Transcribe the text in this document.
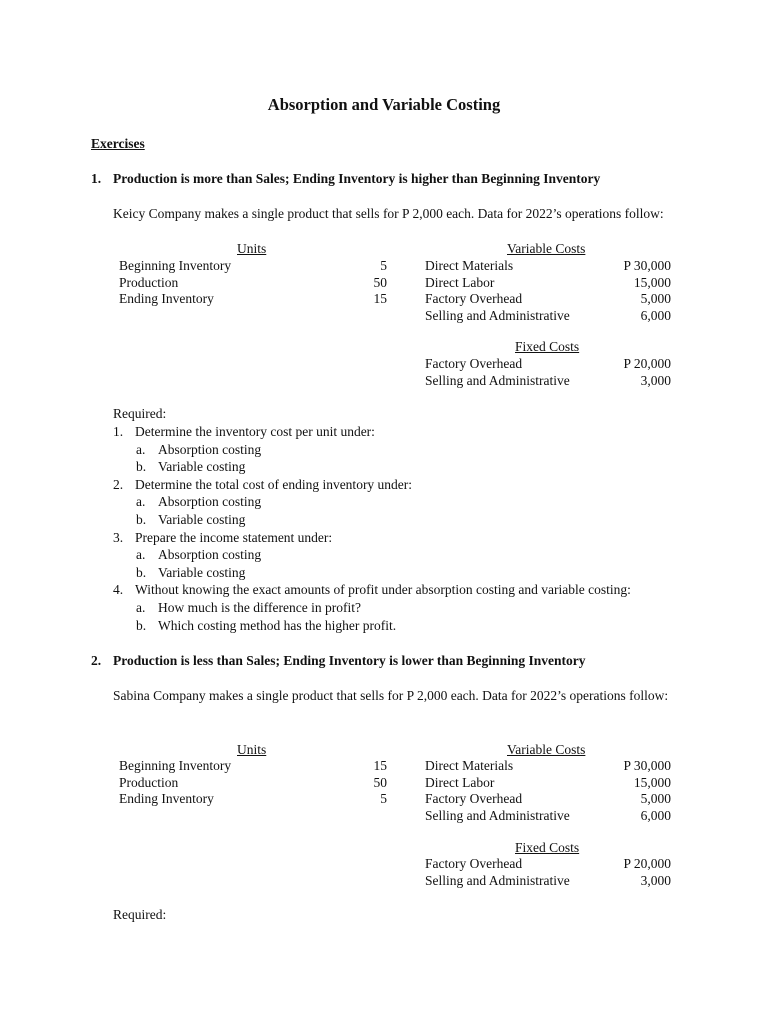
Absorption and Variable Costing
Exercises
1. Production is more than Sales; Ending Inventory is higher than Beginning Inventory
Keicy Company makes a single product that sells for P 2,000 each. Data for 2022’s operations follow:
Units
Beginning Inventory	5
Production	50
Ending Inventory	15
Variable Costs
Direct Materials	P 30,000
Direct Labor	15,000
Factory Overhead	5,000
Selling and Administrative	6,000
Fixed Costs
Factory Overhead	P 20,000
Selling and Administrative	3,000
Required:
1. Determine the inventory cost per unit under:
a. Absorption costing
b. Variable costing
2. Determine the total cost of ending inventory under:
a. Absorption costing
b. Variable costing
3. Prepare the income statement under:
a. Absorption costing
b. Variable costing
4. Without knowing the exact amounts of profit under absorption costing and variable costing:
a. How much is the difference in profit?
b. Which costing method has the higher profit.
2. Production is less than Sales; Ending Inventory is lower than Beginning Inventory
Sabina Company makes a single product that sells for P 2,000 each. Data for 2022’s operations follow:
Units
Beginning Inventory	15
Production	50
Ending Inventory	5
Variable Costs
Direct Materials	P 30,000
Direct Labor	15,000
Factory Overhead	5,000
Selling and Administrative	6,000
Fixed Costs
Factory Overhead	P 20,000
Selling and Administrative	3,000
Required:
